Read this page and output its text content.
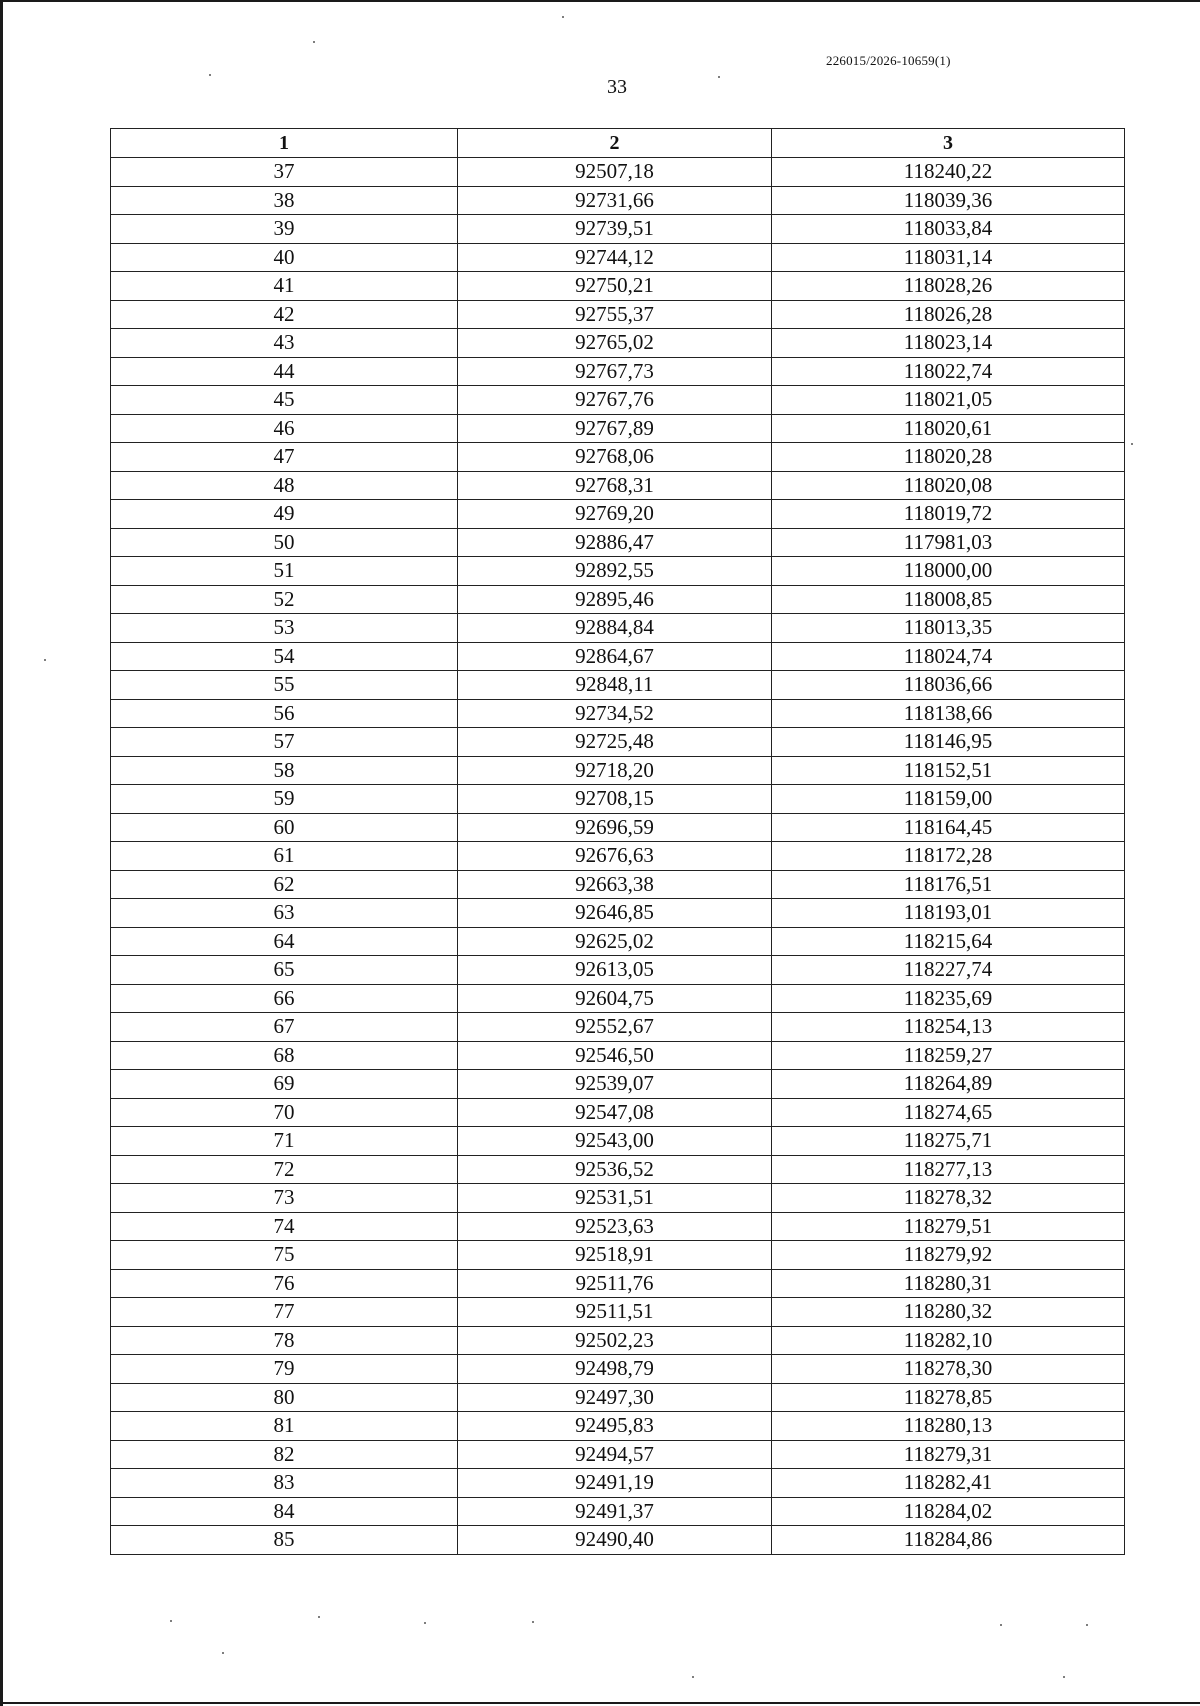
226015/2026-10659(1)
33
1	2	3
37	92507,18	118240,22
38	92731,66	118039,36
39	92739,51	118033,84
40	92744,12	118031,14
41	92750,21	118028,26
42	92755,37	118026,28
43	92765,02	118023,14
44	92767,73	118022,74
45	92767,76	118021,05
46	92767,89	118020,61
47	92768,06	118020,28
48	92768,31	118020,08
49	92769,20	118019,72
50	92886,47	117981,03
51	92892,55	118000,00
52	92895,46	118008,85
53	92884,84	118013,35
54	92864,67	118024,74
55	92848,11	118036,66
56	92734,52	118138,66
57	92725,48	118146,95
58	92718,20	118152,51
59	92708,15	118159,00
60	92696,59	118164,45
61	92676,63	118172,28
62	92663,38	118176,51
63	92646,85	118193,01
64	92625,02	118215,64
65	92613,05	118227,74
66	92604,75	118235,69
67	92552,67	118254,13
68	92546,50	118259,27
69	92539,07	118264,89
70	92547,08	118274,65
71	92543,00	118275,71
72	92536,52	118277,13
73	92531,51	118278,32
74	92523,63	118279,51
75	92518,91	118279,92
76	92511,76	118280,31
77	92511,51	118280,32
78	92502,23	118282,10
79	92498,79	118278,30
80	92497,30	118278,85
81	92495,83	118280,13
82	92494,57	118279,31
83	92491,19	118282,41
84	92491,37	118284,02
85	92490,40	118284,86
